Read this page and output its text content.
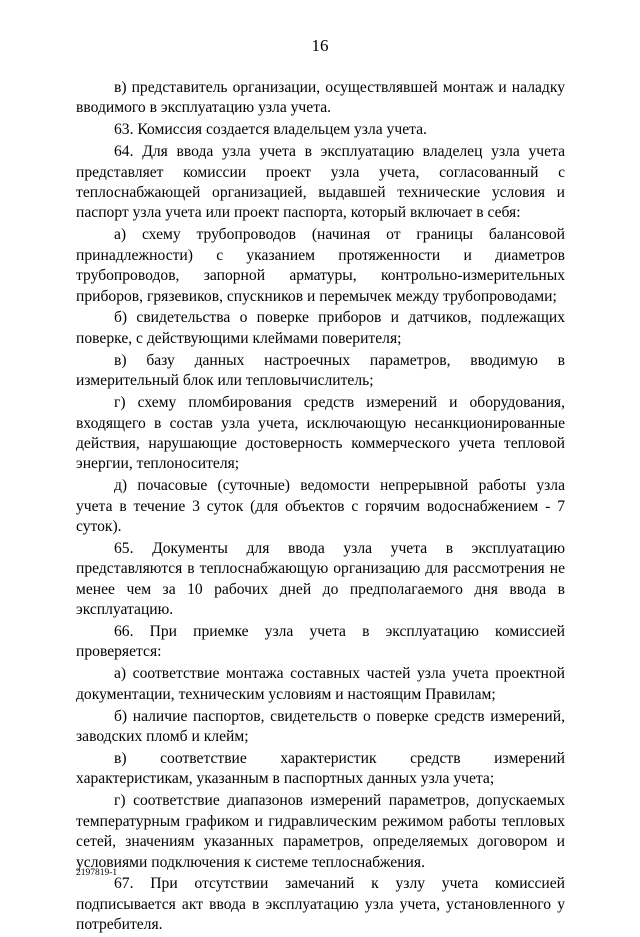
16

в) представитель организации, осуществлявшей монтаж и наладку вводимого в эксплуатацию узла учета.

63. Комиссия создается владельцем узла учета.

64. Для ввода узла учета в эксплуатацию владелец узла учета представляет комиссии проект узла учета, согласованный с теплоснабжающей организацией, выдавшей технические условия и паспорт узла учета или проект паспорта, который включает в себя:

а) схему трубопроводов (начиная от границы балансовой принадлежности) с указанием протяженности и диаметров трубопроводов, запорной арматуры, контрольно-измерительных приборов, грязевиков, спускников и перемычек между трубопроводами;

б) свидетельства о поверке приборов и датчиков, подлежащих поверке, с действующими клеймами поверителя;

в) базу данных настроечных параметров, вводимую в измерительный блок или тепловычислитель;

г) схему пломбирования средств измерений и оборудования, входящего в состав узла учета, исключающую несанкционированные действия, нарушающие достоверность коммерческого учета тепловой энергии, теплоносителя;

д) почасовые (суточные) ведомости непрерывной работы узла учета в течение 3 суток (для объектов с горячим водоснабжением - 7 суток).

65. Документы для ввода узла учета в эксплуатацию представляются в теплоснабжающую организацию для рассмотрения не менее чем за 10 рабочих дней до предполагаемого дня ввода в эксплуатацию.

66. При приемке узла учета в эксплуатацию комиссией проверяется:

а) соответствие монтажа составных частей узла учета проектной документации, техническим условиям и настоящим Правилам;

б) наличие паспортов, свидетельств о поверке средств измерений, заводских пломб и клейм;

в) соответствие характеристик средств измерений характеристикам, указанным в паспортных данных узла учета;

г) соответствие диапазонов измерений параметров, допускаемых температурным графиком и гидравлическим режимом работы тепловых сетей, значениям указанных параметров, определяемых договором и условиями подключения к системе теплоснабжения.

67. При отсутствии замечаний к узлу учета комиссией подписывается акт ввода в эксплуатацию узла учета, установленного у потребителя.

2197819-1
